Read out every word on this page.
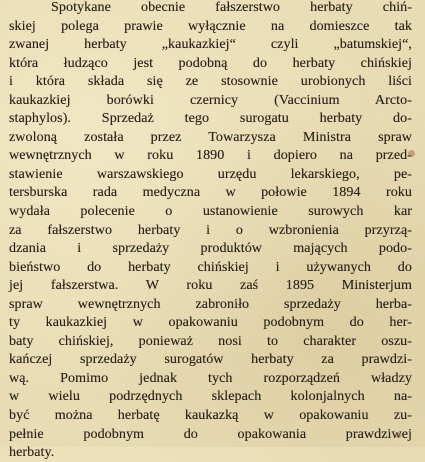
Spotykane obecnie fałszerstwo herbaty chiń-
skiej polega prawie wyłącznie na domieszce tak
zwanej herbaty „kaukazkiej“ czyli „batumskiej“,
która łudząco jest podobną do herbaty chińskiej
i która składa się ze stosownie urobionych liści
kaukazkiej borówki czernicy (Vaccinium Arcto-
staphylos). Sprzedaż tego surogatu herbaty do-
zwoloną została przez Towarzysza Ministra spraw
wewnętrznych w roku 1890 i dopiero na przed-
stawienie warszawskiego urzędu lekarskiego, pe-
tersburska rada medyczna w połowie 1894 roku
wydała polecenie o ustanowienie surowych kar
za fałszerstwo herbaty i o wzbronienia przyrzą-
dzania i sprzedaży produktów mających podo-
bieństwo do herbaty chińskiej i używanych do
jej fałszerstwa. W roku zaś 1895 Ministerjum
spraw wewnętrznych zabroniło sprzedaży herba-
ty kaukazkiej w opakowaniu podobnym do her-
baty chińskiej, ponieważ nosi to charakter oszu-
kańczej sprzedaży surogatów herbaty za prawdzi-
wą. Pomimo jednak tych rozporządzeń władzy
w wielu podrzędnych sklepach kolonjalnych na-
być można herbatę kaukazką w opakowaniu zu-
pełnie podobnym do opakowania prawdziwej
herbaty.
